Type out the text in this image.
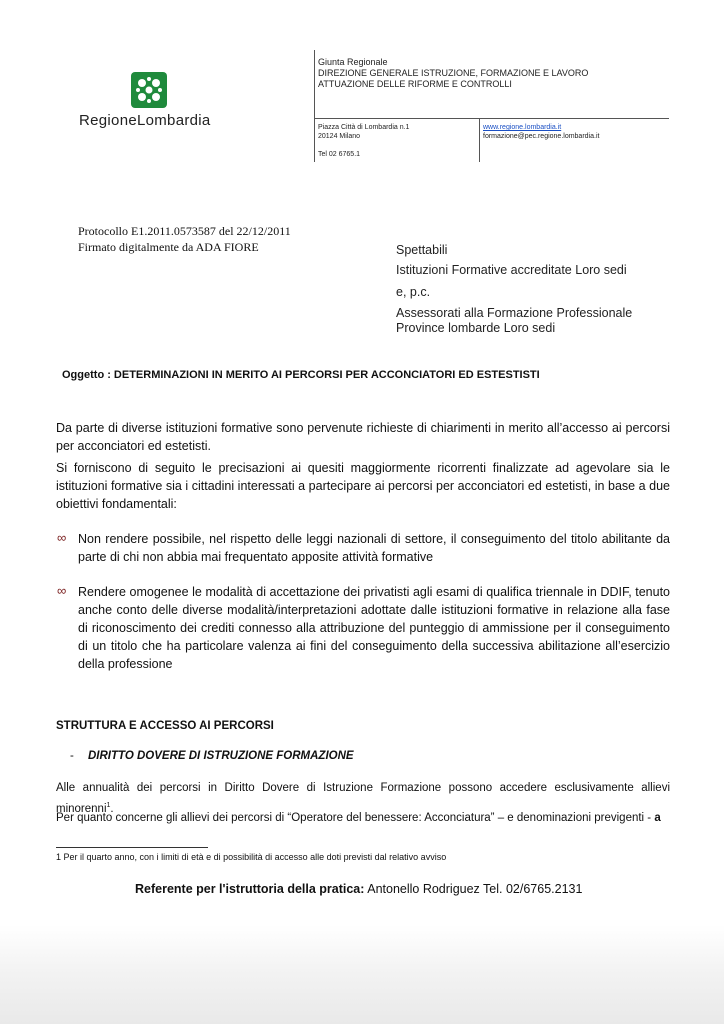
RegioneLombardia
Giunta Regionale
DIREZIONE GENERALE ISTRUZIONE, FORMAZIONE E LAVORO
ATTUAZIONE DELLE RIFORME E CONTROLLI
Piazza Città di Lombardia n.1
20124 Milano
Tel 02 6765.1
www.regione.lombardia.it
formazione@pec.regione.lombardia.it
Protocollo E1.2011.0573587 del 22/12/2011
Firmato digitalmente da ADA FIORE	Spettabili
Istituzioni Formative accreditate Loro sedi
e, p.c.
Assessorati alla Formazione Professionale
Province lombarde Loro sedi
Oggetto : DETERMINAZIONI IN MERITO AI PERCORSI PER ACCONCIATORI ED ESTESTISTI
Da parte di diverse istituzioni formative sono pervenute richieste di chiarimenti in merito all’accesso ai percorsi per acconciatori ed estetisti.
Si forniscono di seguito le precisazioni ai quesiti maggiormente ricorrenti finalizzate ad agevolare sia le istituzioni formative sia i cittadini interessati a partecipare ai percorsi per acconciatori ed estetisti, in base a due obiettivi fondamentali:
∞ Non rendere possibile, nel rispetto delle leggi nazionali di settore, il conseguimento del titolo abilitante da parte di chi non abbia mai frequentato apposite attività formative
∞ Rendere omogenee le modalità di accettazione dei privatisti agli esami di qualifica triennale in DDIF, tenuto anche conto delle diverse modalità/interpretazioni adottate dalle istituzioni formative in relazione alla fase di riconoscimento dei crediti connesso alla attribuzione del punteggio di ammissione per il conseguimento di un titolo che ha particolare valenza ai fini del conseguimento della successiva abilitazione all’esercizio della professione
STRUTTURA E ACCESSO AI PERCORSI
- DIRITTO DOVERE DI ISTRUZIONE FORMAZIONE
Alle annualità dei percorsi in Diritto Dovere di Istruzione Formazione possono accedere esclusivamente allievi minorenni$^1$.
Per quanto concerne gli allievi dei percorsi di “Operatore del benessere: Acconciatura” – e denominazioni previgenti - a
1 Per il quarto anno, con i limiti di età e di possibilità di accesso alle doti previsti dal relativo avviso
Referente per l'istruttoria della pratica: Antonello Rodriguez Tel. 02/6765.2131
